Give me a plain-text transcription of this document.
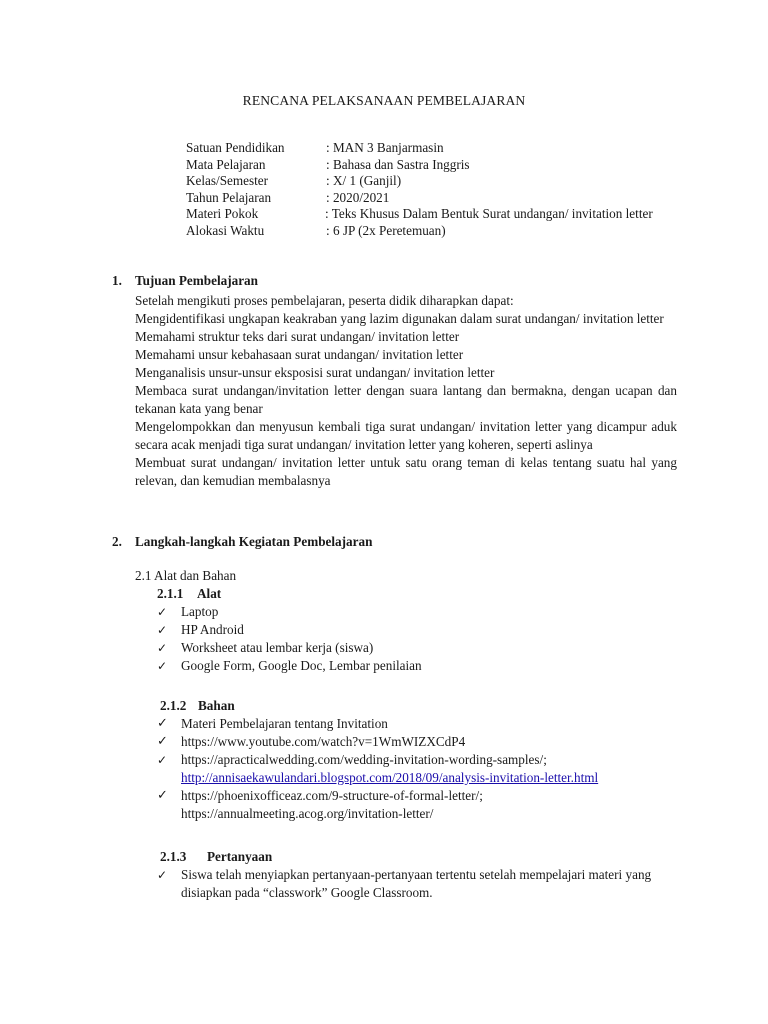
RENCANA PELAKSANAAN PEMBELAJARAN
Satuan Pendidikan	: MAN 3 Banjarmasin
Mata Pelajaran	: Bahasa dan Sastra Inggris
Kelas/Semester	: X/ 1 (Ganjil)
Tahun Pelajaran	: 2020/2021
Materi Pokok	: Teks Khusus Dalam Bentuk Surat undangan/ invitation letter
Alokasi Waktu	: 6 JP (2x Peretemuan)
1. Tujuan Pembelajaran

Setelah mengikuti proses pembelajaran, peserta didik diharapkan dapat:

Mengidentifikasi ungkapan keakraban yang lazim digunakan dalam surat undangan/ invitation letter

Memahami struktur teks dari surat undangan/ invitation letter

Memahami unsur kebahasaan surat undangan/ invitation letter

Menganalisis unsur-unsur eksposisi surat undangan/ invitation letter

Membaca surat undangan/invitation letter dengan suara lantang dan bermakna, dengan ucapan dan tekanan kata yang benar

Mengelompokkan dan menyusun kembali tiga surat undangan/ invitation letter yang dicampur aduk secara acak menjadi tiga surat undangan/ invitation letter yang koheren, seperti aslinya

Membuat surat undangan/ invitation letter untuk satu orang teman di kelas tentang suatu hal yang relevan, dan kemudian membalasnya

2. Langkah-langkah Kegiatan Pembelajaran
2.1 Alat dan Bahan
2.1.1 Alat
✓ Laptop
✓ HP Android
✓ Worksheet atau lembar kerja (siswa)
✓ Google Form, Google Doc, Lembar penilaian
2.1.2 Bahan
✓ Materi Pembelajaran tentang Invitation
✓ https://www.youtube.com/watch?v=1WmWIZXCdP4
✓ https://apracticalwedding.com/wedding-invitation-wording-samples/;
http://annisaekawulandari.blogspot.com/2018/09/analysis-invitation-letter.html
✓ https://phoenixofficeaz.com/9-structure-of-formal-letter/;
https://annualmeeting.acog.org/invitation-letter/
2.1.3 Pertanyaan
✓ Siswa telah menyiapkan pertanyaan-pertanyaan tertentu setelah mempelajari materi yang
disiapkan pada “classwork” Google Classroom.
